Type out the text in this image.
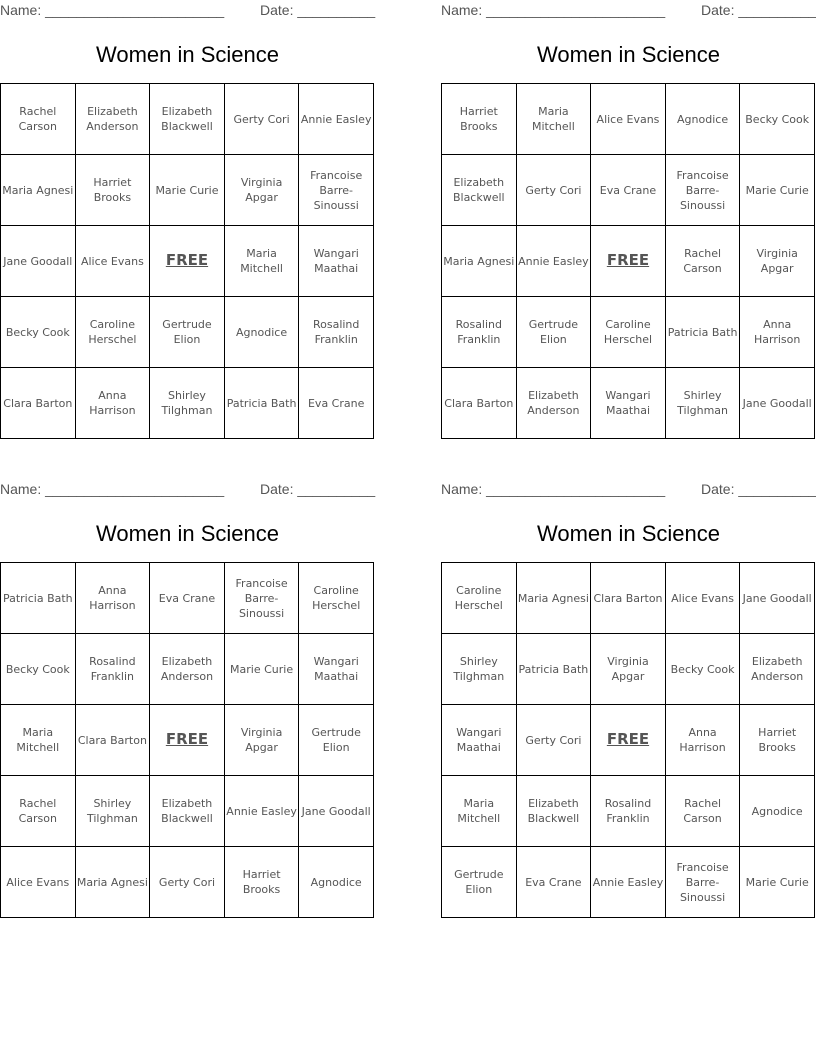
Name: _______________________	Date: __________
Women in Science
Rachel Carson	Elizabeth Anderson	Elizabeth Blackwell	Gerty Cori	Annie Easley
Maria Agnesi	Harriet Brooks	Marie Curie	Virginia Apgar	Francoise Barre-Sinoussi
Jane Goodall	Alice Evans	FREE	Maria Mitchell	Wangari Maathai
Becky Cook	Caroline Herschel	Gertrude Elion	Agnodice	Rosalind Franklin
Clara Barton	Anna Harrison	Shirley Tilghman	Patricia Bath	Eva Crane
Name: _______________________	Date: __________
Women in Science
Harriet Brooks	Maria Mitchell	Alice Evans	Agnodice	Becky Cook
Elizabeth Blackwell	Gerty Cori	Eva Crane	Francoise Barre-Sinoussi	Marie Curie
Maria Agnesi	Annie Easley	FREE	Rachel Carson	Virginia Apgar
Rosalind Franklin	Gertrude Elion	Caroline Herschel	Patricia Bath	Anna Harrison
Clara Barton	Elizabeth Anderson	Wangari Maathai	Shirley Tilghman	Jane Goodall
Name: _______________________	Date: __________
Women in Science
Patricia Bath	Anna Harrison	Eva Crane	Francoise Barre-Sinoussi	Caroline Herschel
Becky Cook	Rosalind Franklin	Elizabeth Anderson	Marie Curie	Wangari Maathai
Maria Mitchell	Clara Barton	FREE	Virginia Apgar	Gertrude Elion
Rachel Carson	Shirley Tilghman	Elizabeth Blackwell	Annie Easley	Jane Goodall
Alice Evans	Maria Agnesi	Gerty Cori	Harriet Brooks	Agnodice
Name: _______________________	Date: __________
Women in Science
Caroline Herschel	Maria Agnesi	Clara Barton	Alice Evans	Jane Goodall
Shirley Tilghman	Patricia Bath	Virginia Apgar	Becky Cook	Elizabeth Anderson
Wangari Maathai	Gerty Cori	FREE	Anna Harrison	Harriet Brooks
Maria Mitchell	Elizabeth Blackwell	Rosalind Franklin	Rachel Carson	Agnodice
Gertrude Elion	Eva Crane	Annie Easley	Francoise Barre-Sinoussi	Marie Curie
